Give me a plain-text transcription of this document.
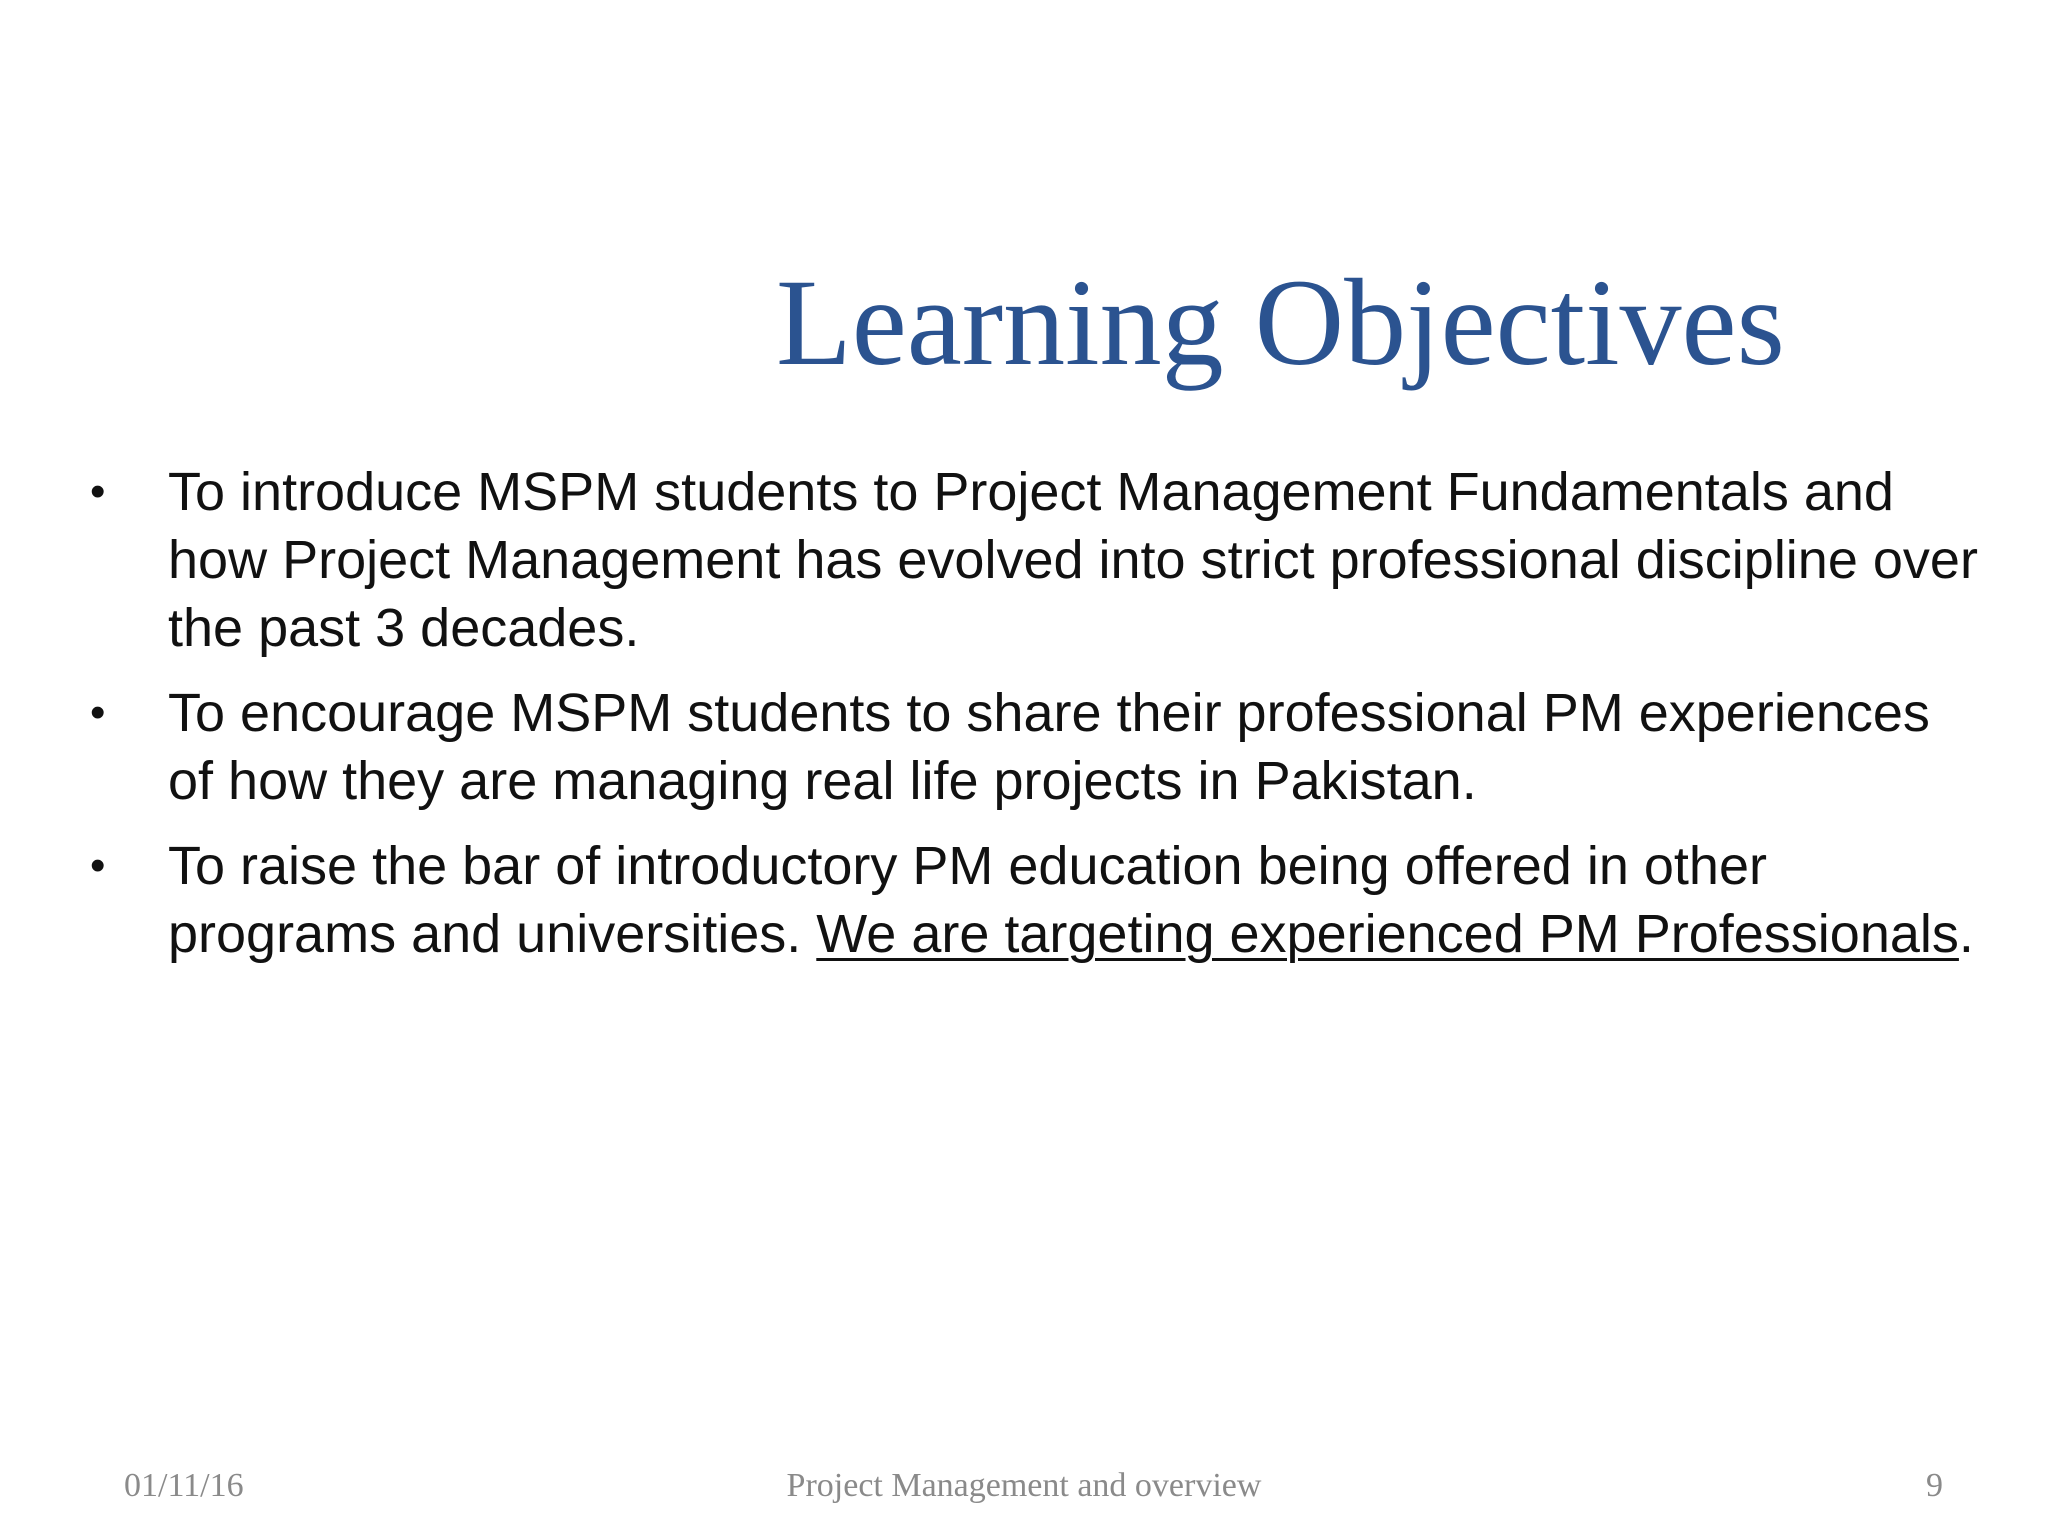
Learning Objectives
• To introduce MSPM students to Project Management Fundamentals and how Project Management has evolved into strict professional discipline over the past 3 decades.
• To encourage MSPM students to share their professional PM experiences of how they are managing real life projects in Pakistan.
• To raise the bar of introductory PM education being offered in other programs and universities. We are targeting experienced PM Professionals.
01/11/16	Project Management and overview	9
